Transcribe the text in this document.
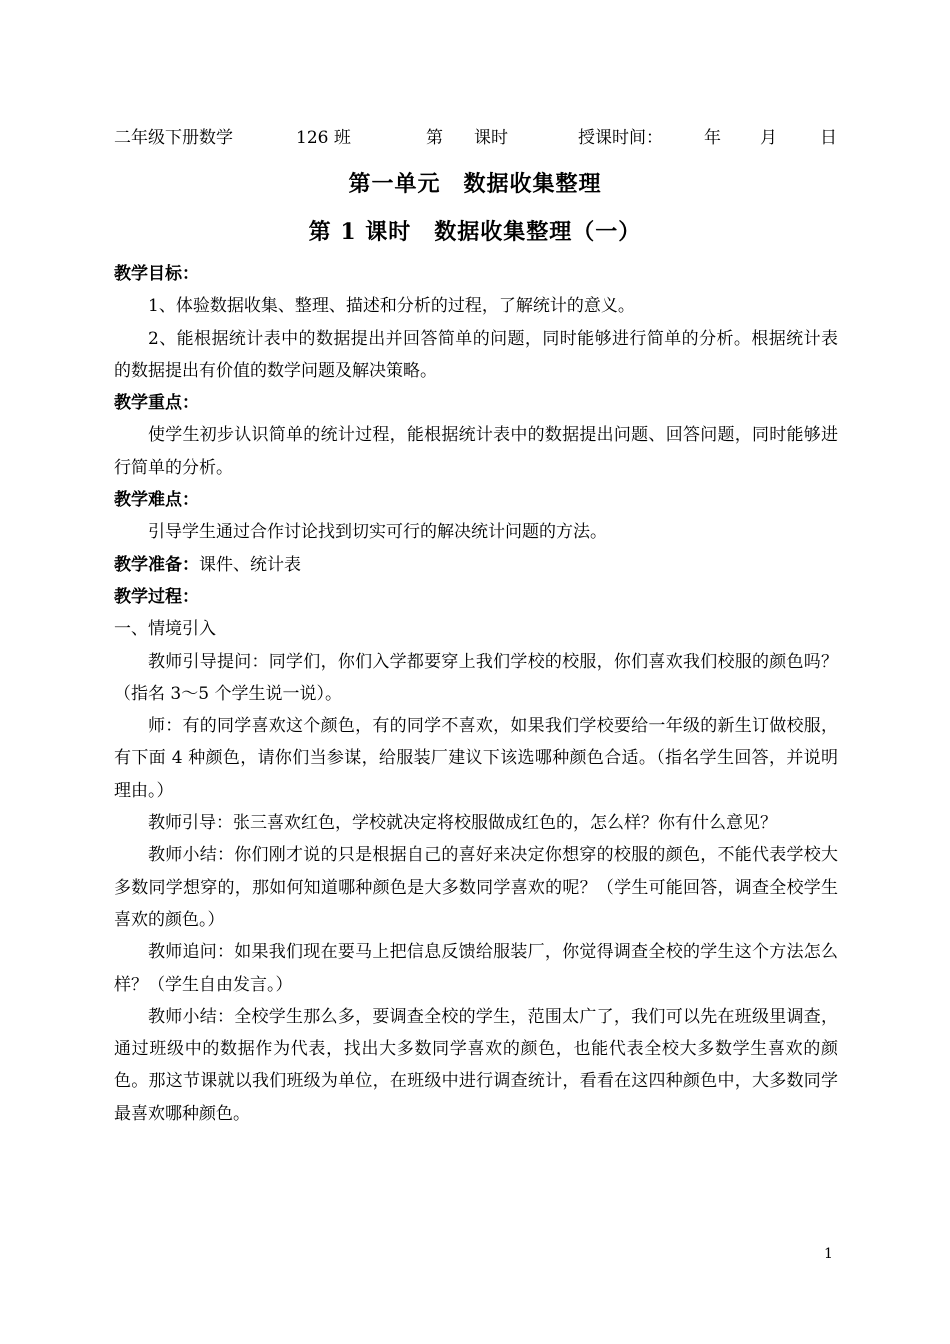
二年级下册数学	126 班	第 课时	授课时间： 年 月	日
第一单元　数据收集整理
第 1 课时　数据收集整理（一）

教学目标：

1、体验数据收集、整理、描述和分析的过程，了解统计的意义。

2、能根据统计表中的数据提出并回答简单的问题，同时能够进行简单的分析。根据统计表的数据提出有价值的数学问题及解决策略。

教学重点：

使学生初步认识简单的统计过程，能根据统计表中的数据提出问题、回答问题，同时能够进行简单的分析。

教学难点：

引导学生通过合作讨论找到切实可行的解决统计问题的方法。

教学准备：课件、统计表

教学过程：

一、情境引入

教师引导提问：同学们，你们入学都要穿上我们学校的校服，你们喜欢我们校服的颜色吗？（指名 3～5 个学生说一说）。

师：有的同学喜欢这个颜色，有的同学不喜欢，如果我们学校要给一年级的新生订做校服，有下面 4 种颜色，请你们当参谋，给服装厂建议下该选哪种颜色合适。（指名学生回答，并说明理由。）

教师引导：张三喜欢红色，学校就决定将校服做成红色的，怎么样？你有什么意见？

教师小结：你们刚才说的只是根据自己的喜好来决定你想穿的校服的颜色，不能代表学校大多数同学想穿的，那如何知道哪种颜色是大多数同学喜欢的呢？（学生可能回答，调查全校学生喜欢的颜色。）

教师追问：如果我们现在要马上把信息反馈给服装厂，你觉得调查全校的学生这个方法怎么样？（学生自由发言。）

教师小结：全校学生那么多，要调查全校的学生，范围太广了，我们可以先在班级里调查，通过班级中的数据作为代表，找出大多数同学喜欢的颜色，也能代表全校大多数学生喜欢的颜色。那这节课就以我们班级为单位，在班级中进行调查统计，看看在这四种颜色中，大多数同学最喜欢哪种颜色。

1
